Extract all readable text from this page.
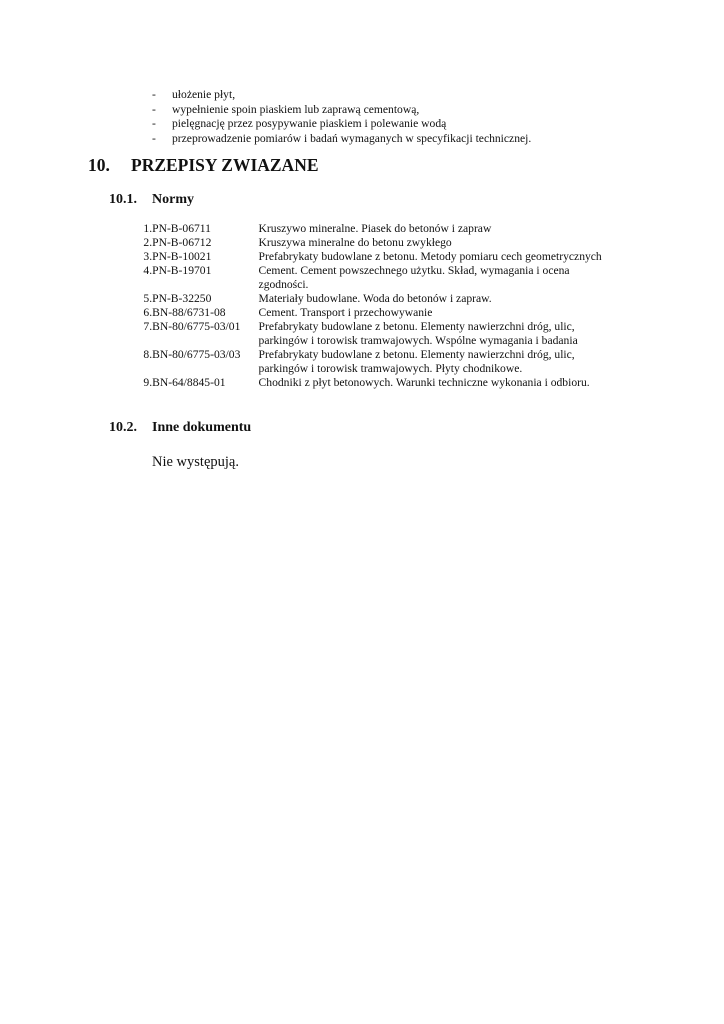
- ułożenie płyt,
- wypełnienie spoin piaskiem lub zaprawą cementową,
- pielęgnację przez posypywanie piaskiem i polewanie wodą
- przeprowadzenie pomiarów i badań wymaganych w specyfikacji technicznej.
10. PRZEPISY ZWIAZANE
10.1. Normy
1.	PN-B-06711	Kruszywo mineralne. Piasek do betonów i zapraw
2.	PN-B-06712	Kruszywa mineralne do betonu zwykłego
3.	PN-B-10021	Prefabrykaty budowlane z betonu. Metody pomiaru cech geometrycznych
4.	PN-B-19701	Cement. Cement powszechnego użytku. Skład, wymagania i ocena zgodności.
5.	PN-B-32250	Materiały budowlane. Woda do betonów i zapraw.
6.	BN-88/6731-08	Cement. Transport i przechowywanie
7.	BN-80/6775-03/01	Prefabrykaty budowlane z betonu. Elementy nawierzchni dróg, ulic, parkingów i torowisk tramwajowych. Wspólne wymagania i badania
8.	BN-80/6775-03/03	Prefabrykaty budowlane z betonu. Elementy nawierzchni dróg, ulic, parkingów i torowisk tramwajowych. Płyty chodnikowe.
9.	BN-64/8845-01	Chodniki z płyt betonowych. Warunki techniczne wykonania i odbioru.
10.2. Inne dokumentu
Nie występują.
